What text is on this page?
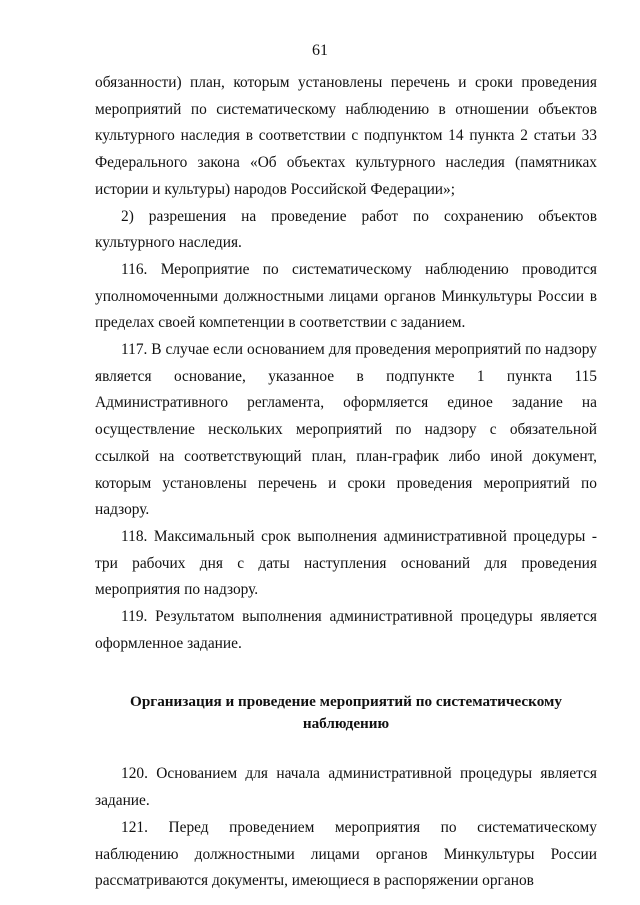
61

обязанности) план, которым установлены перечень и сроки проведения мероприятий по систематическому наблюдению в отношении объектов культурного наследия в соответствии с подпунктом 14 пункта 2 статьи 33 Федерального закона «Об объектах культурного наследия (памятниках истории и культуры) народов Российской Федерации»;

2) разрешения на проведение работ по сохранению объектов культурного наследия.

116. Мероприятие по систематическому наблюдению проводится уполномоченными должностными лицами органов Минкультуры России в пределах своей компетенции в соответствии с заданием.

117. В случае если основанием для проведения мероприятий по надзору является основание, указанное в подпункте 1 пункта 115 Административного регламента, оформляется единое задание на осуществление нескольких мероприятий по надзору с обязательной ссылкой на соответствующий план, план-график либо иной документ, которым установлены перечень и сроки проведения мероприятий по надзору.

118. Максимальный срок выполнения административной процедуры - три рабочих дня с даты наступления оснований для проведения мероприятия по надзору.

119. Результатом выполнения административной процедуры является оформленное задание.

Организация и проведение мероприятий по систематическому
наблюдению

120. Основанием для начала административной процедуры является задание.

121. Перед проведением мероприятия по систематическому наблюдению должностными лицами органов Минкультуры России рассматриваются документы, имеющиеся в распоряжении органов
